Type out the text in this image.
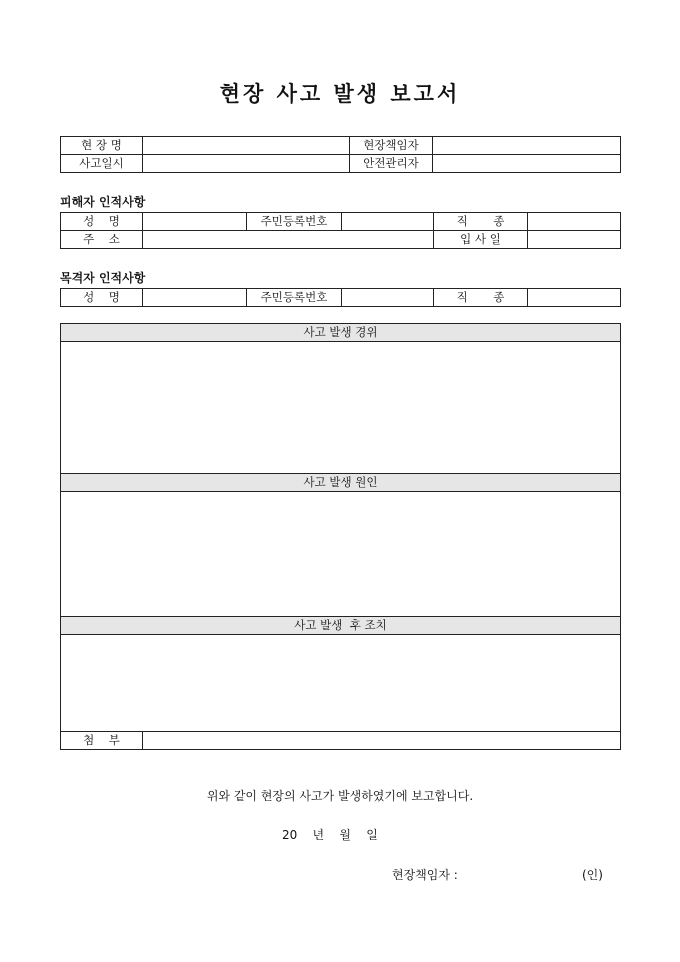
현장 사고 발생 보고서
현 장 명		현장책임자	
사고일시		안전관리자	
피해자 인적사항
성    명		주민등록번호		직       종	
주    소				입 사 일	
목격자 인적사항
성    명		주민등록번호		직       종	
사고 발생 경위

사고 발생 원인

사고 발생  후 조치

첨    부	
위와 같이 현장의 사고가 발생하였기에 보고합니다.
20    년    월    일
현장책임자 :	(인)
